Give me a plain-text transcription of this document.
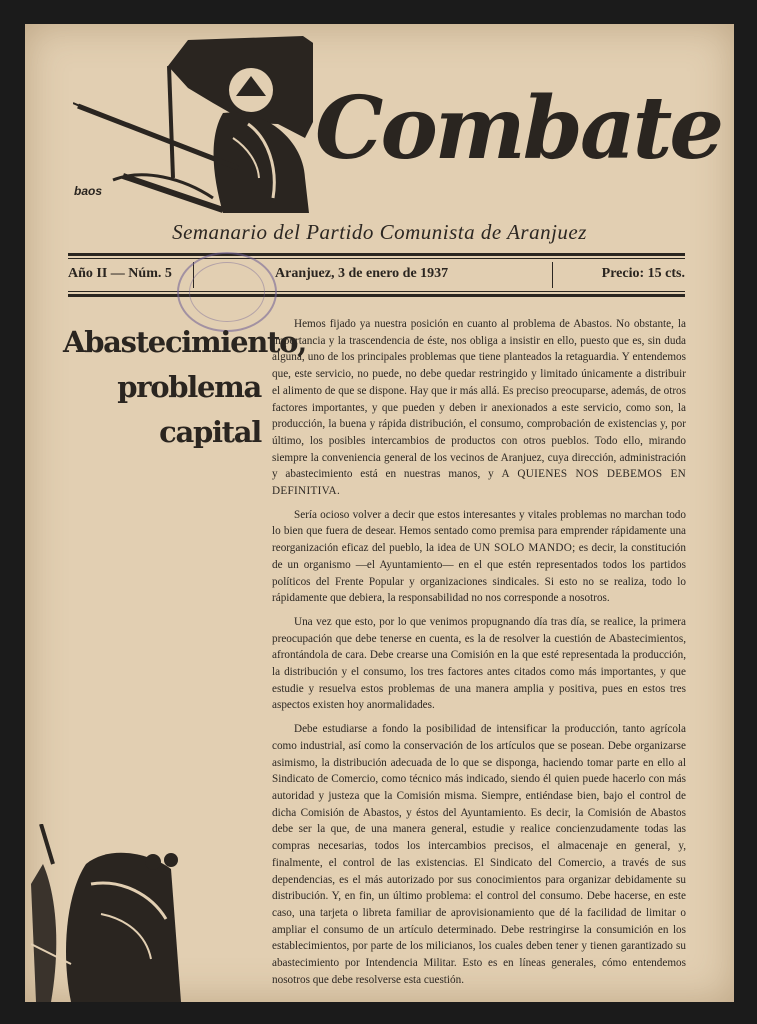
baos
Combate
Semanario del Partido Comunista de Aranjuez
Año II — Núm. 5	Aranjuez, 3 de enero de 1937	Precio: 15 cts.
Abastecimiento,
problema
capital

Hemos fijado ya nuestra posición en cuanto al problema de Abastos. No obstante, la importancia y la trascendencia de éste, nos obliga a insistir en ello, puesto que es, sin duda alguna, uno de los principales problemas que tiene planteados la retaguardia. Y entendemos que, este servicio, no puede, no debe quedar restringido y limitado únicamente a distribuir el alimento de que se dispone. Hay que ir más allá. Es preciso preocuparse, además, de otros factores importantes, y que pueden y deben ir anexionados a este servicio, como son, la producción, la buena y rápida distribución, el consumo, comprobación de existencias y, por último, los posibles intercambios de productos con otros pueblos. Todo ello, mirando siempre la conveniencia general de los vecinos de Aranjuez, cuya dirección, administración y abastecimiento está en nuestras manos, y A QUIENES NOS DEBEMOS EN DEFINITIVA.

Sería ocioso volver a decir que estos interesantes y vitales problemas no marchan todo lo bien que fuera de desear. Hemos sentado como premisa para emprender rápidamente una reorganización eficaz del pueblo, la idea de UN SOLO MANDO; es decir, la constitución de un organismo —el Ayuntamiento— en el que estén representados todos los partidos políticos del Frente Popular y organizaciones sindicales. Si esto no se realiza, todo lo rápidamente que debiera, la responsabilidad no nos corresponde a nosotros.

Una vez que esto, por lo que venimos propugnando día tras día, se realice, la primera preocupación que debe tenerse en cuenta, es la de resolver la cuestión de Abastecimientos, afrontándola de cara. Debe crearse una Comisión en la que esté representada la producción, la distribución y el consumo, los tres factores antes citados como más importantes, y que estudie y resuelva estos problemas de una manera amplia y positiva, pues en estos tres aspectos existen hoy anormalidades.

Debe estudiarse a fondo la posibilidad de intensificar la producción, tanto agrícola como industrial, así como la conservación de los artículos que se posean. Debe organizarse asimismo, la distribución adecuada de lo que se disponga, haciendo tomar parte en ello al Sindicato de Comercio, como técnico más indicado, siendo él quien puede hacerlo con más autoridad y justeza que la Comisión misma. Siempre, entiéndase bien, bajo el control de dicha Comisión de Abastos, y éstos del Ayuntamiento. Es decir, la Comisión de Abastos debe ser la que, de una manera general, estudie y realice concienzudamente todas las compras necesarias, todos los intercambios precisos, el almacenaje en general, y, finalmente, el control de las existencias. El Sindicato del Comercio, a través de sus dependencias, es el más autorizado por sus conocimientos para organizar debidamente su distribución. Y, en fin, un último problema: el control del consumo. Debe hacerse, en este caso, una tarjeta o libreta familiar de aprovisionamiento que dé la facilidad de limitar o ampliar el consumo de un artículo determinado. Debe restringirse la consumición en los establecimientos, por parte de los milicianos, los cuales deben tener y tienen garantizado su abastecimiento por Intendencia Militar. Esto es en líneas generales, cómo entendemos nosotros que debe resolverse esta cuestión.
